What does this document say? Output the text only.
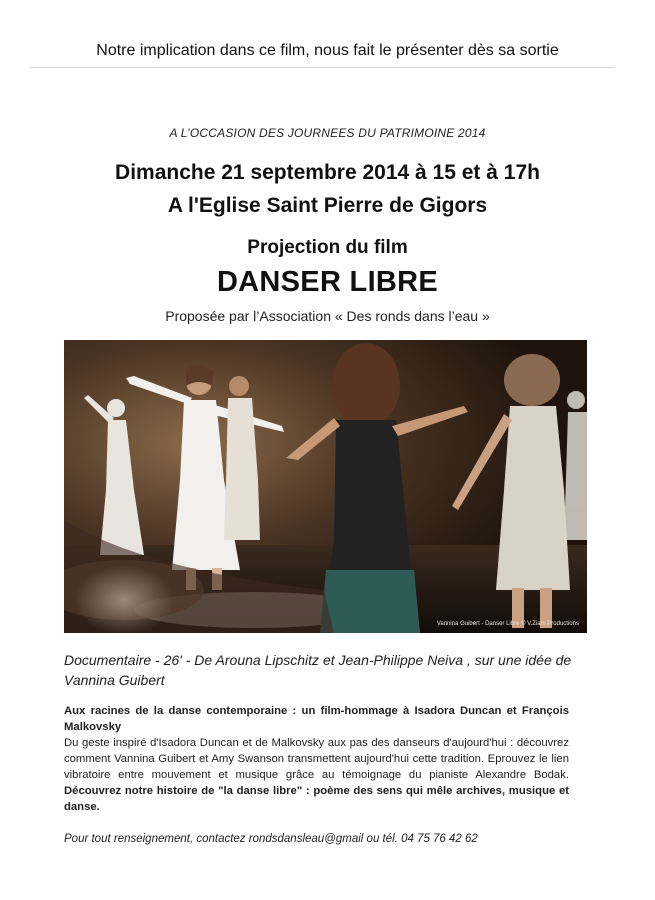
Notre implication dans ce film, nous fait le présenter dès sa sortie
A L’OCCASION DES JOURNEES DU PATRIMOINE 2014
Dimanche 21 septembre 2014 à 15 et à 17h
A l'Eglise Saint Pierre de Gigors
Projection du film
DANSER LIBRE
Proposée par l’Association « Des ronds dans l’eau »
Vannina Guibert - Danser Libre © V.Ziam Productions
Documentaire - 26' - De Arouna Lipschitz et Jean-Philippe Neiva , sur une idée de Vannina Guibert
Aux racines de la danse contemporaine : un film-hommage à Isadora Duncan et François Malkovsky
Du geste inspiré d'Isadora Duncan et de Malkovsky aux pas des danseurs d'aujourd'hui : découvrez comment Vannina Guibert et Amy Swanson transmettent aujourd'hui cette tradition. Eprouvez le lien vibratoire entre mouvement et musique grâce au témoignage du pianiste Alexandre Bodak. Découvrez notre histoire de "la danse libre" : poème des sens qui mêle archives, musique et danse.
Pour tout renseignement, contactez rondsdansleau@gmail ou tél. 04 75 76 42 62
